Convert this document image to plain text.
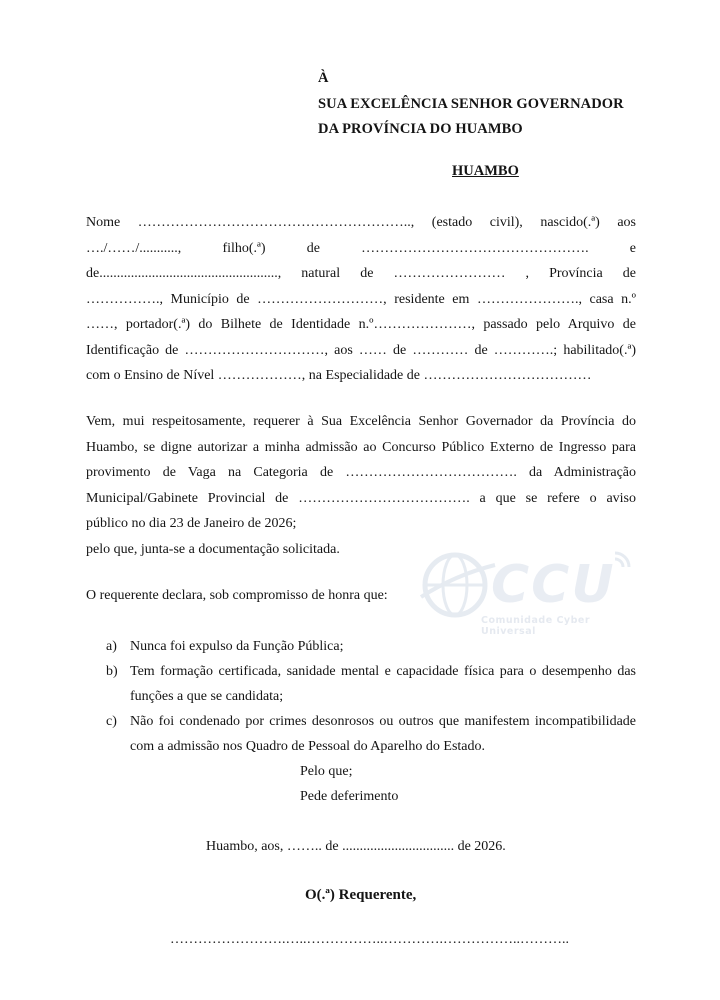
À
SUA EXCELÊNCIA SENHOR GOVERNADOR
DA PROVÍNCIA DO HUAMBO
HUAMBO
Nome ………………………………………………….., (estado civil), nascido(.ª) aos
…./……/..........., filho(.ª) de …………………………………………. e
de..................................................., natural de …………………… , Província de
……………., Município de ………………………, residente em …………………., casa n.º
……, portador(.ª) do Bilhete de Identidade n.º…………………, passado pelo Arquivo de
Identificação de …………………………, aos …… de ………… de ………….; habilitado(.ª)
com o Ensino de Nível ………………, na Especialidade de ………………………………
Vem, mui respeitosamente, requerer à Sua Excelência Senhor Governador da Província do
Huambo, se digne autorizar a minha admissão ao Concurso Público Externo de Ingresso para
provimento de Vaga na Categoria de ………………………………. da Administração
Municipal/Gabinete Provincial de ………………………………. a que se refere o aviso
público no dia 23 de Janeiro de 2026;
pelo que, junta-se a documentação solicitada.
O requerente declara, sob compromisso de honra que:
a) Nunca foi expulso da Função Pública;
b) Tem formação certificada, sanidade mental e capacidade física para o desempenho das
funções a que se candidata;
c) Não foi condenado por crimes desonrosos ou outros que manifestem incompatibilidade
com a admissão nos Quadro de Pessoal do Aparelho do Estado.
Pelo que;
Pede deferimento
Huambo, aos, …….. de ................................ de 2026.
O(.ª) Requerente,
…………………….…..……………..………….……………..………..
CCU
Comunidade Cyber Universal
